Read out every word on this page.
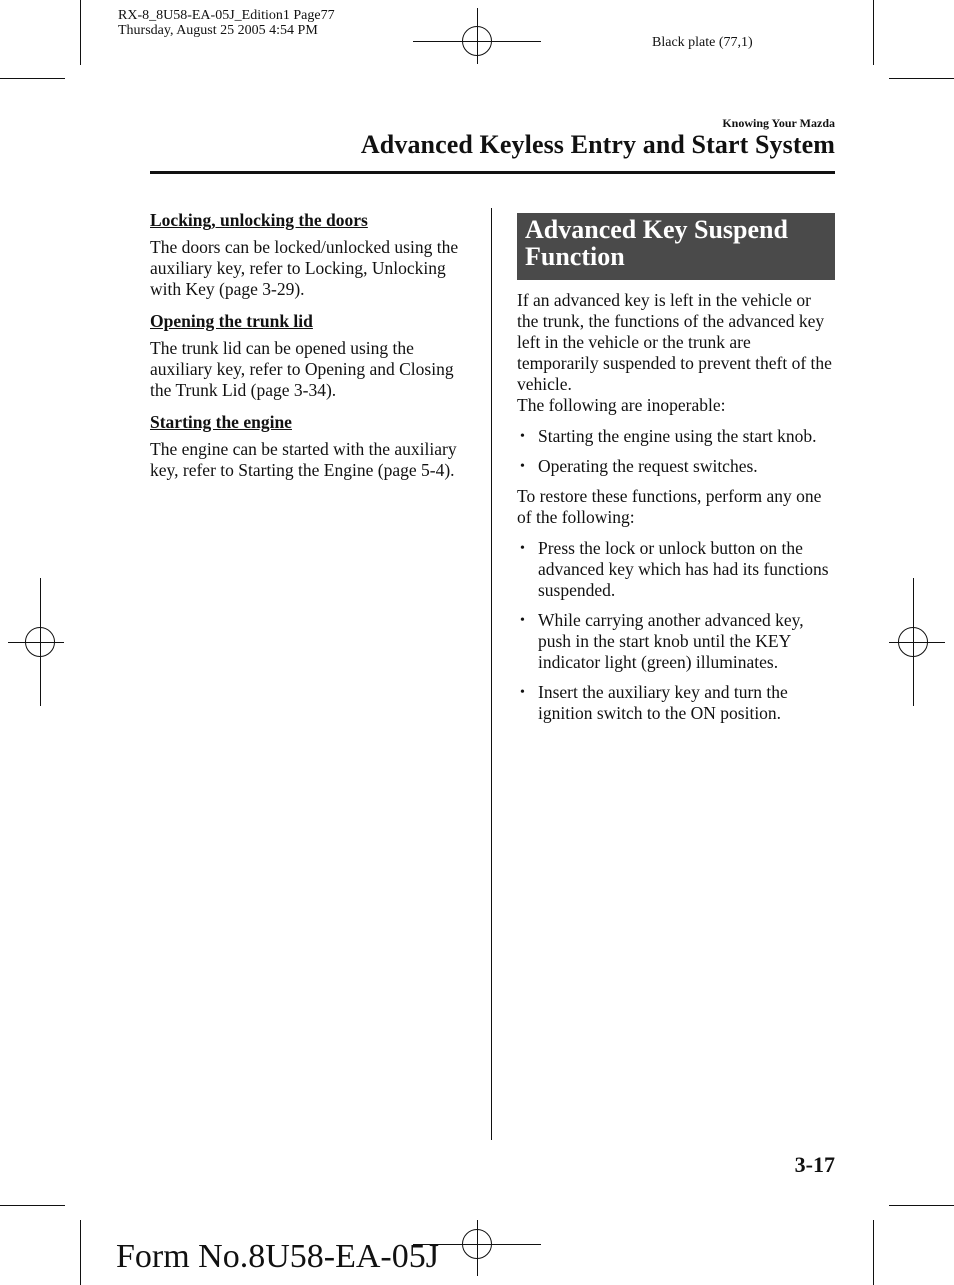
RX-8_8U58-EA-05J_Edition1 Page77
Thursday, August 25 2005 4:54 PM
Black plate (77,1)
Knowing Your Mazda
Advanced Keyless Entry and Start System
Locking, unlocking the doors

The doors can be locked/unlocked using the auxiliary key, refer to Locking, Unlocking with Key (page 3-29).

Opening the trunk lid

The trunk lid can be opened using the auxiliary key, refer to Opening and Closing the Trunk Lid (page 3-34).

Starting the engine

The engine can be started with the auxiliary key, refer to Starting the Engine (page 5-4).

Advanced Key Suspend Function

If an advanced key is left in the vehicle or the trunk, the functions of the advanced key left in the vehicle or the trunk are temporarily suspended to prevent theft of the vehicle.

The following are inoperable:

• Starting the engine using the start knob.
• Operating the request switches.

To restore these functions, perform any one of the following:

• Press the lock or unlock button on the advanced key which has had its functions suspended.
• While carrying another advanced key, push in the start knob until the KEY indicator light (green) illuminates.
• Insert the auxiliary key and turn the ignition switch to the ON position.
3-17
Form No.8U58-EA-05J
